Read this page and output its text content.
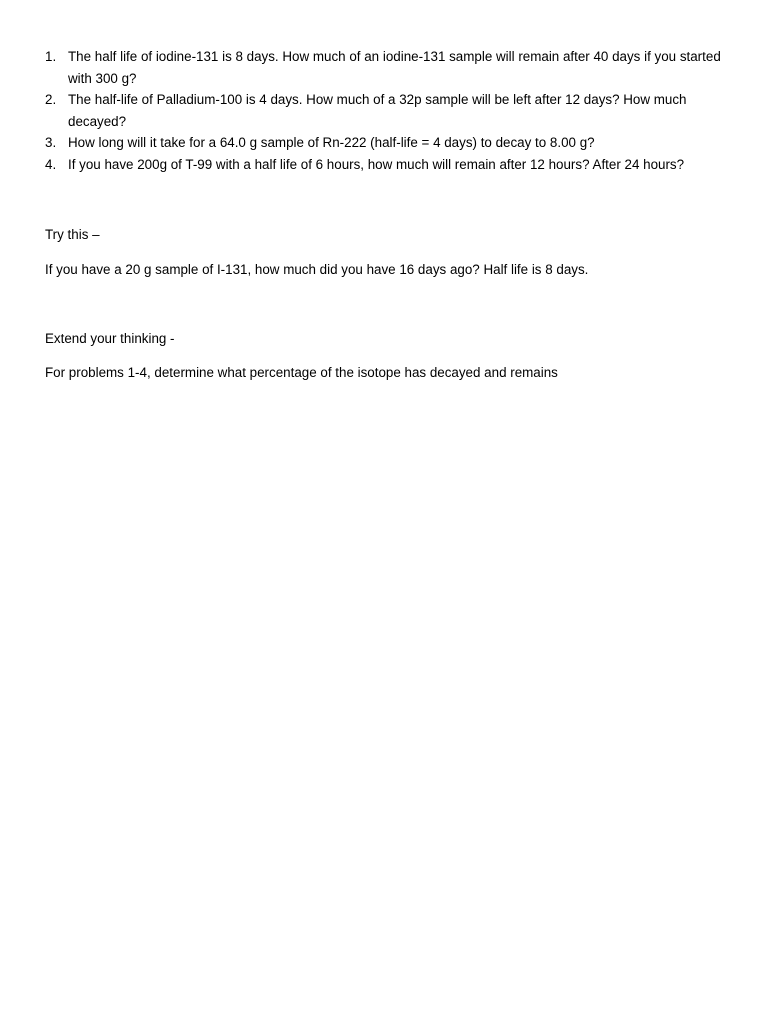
1. The half life of iodine-131 is 8 days. How much of an iodine-131 sample will remain after 40 days if you started with 300 g?
2. The half-life of Palladium-100 is 4 days. How much of a 32p sample will be left after 12 days? How much decayed?
3. How long will it take for a 64.0 g sample of Rn-222 (half-life = 4 days) to decay to 8.00 g?
4. If you have 200g of T-99 with a half life of 6 hours, how much will remain after 12 hours? After 24 hours?

Try this –

If you have a 20 g sample of I-131, how much did you have 16 days ago? Half life is 8 days.

Extend your thinking -

For problems 1-4, determine what percentage of the isotope has decayed and remains
